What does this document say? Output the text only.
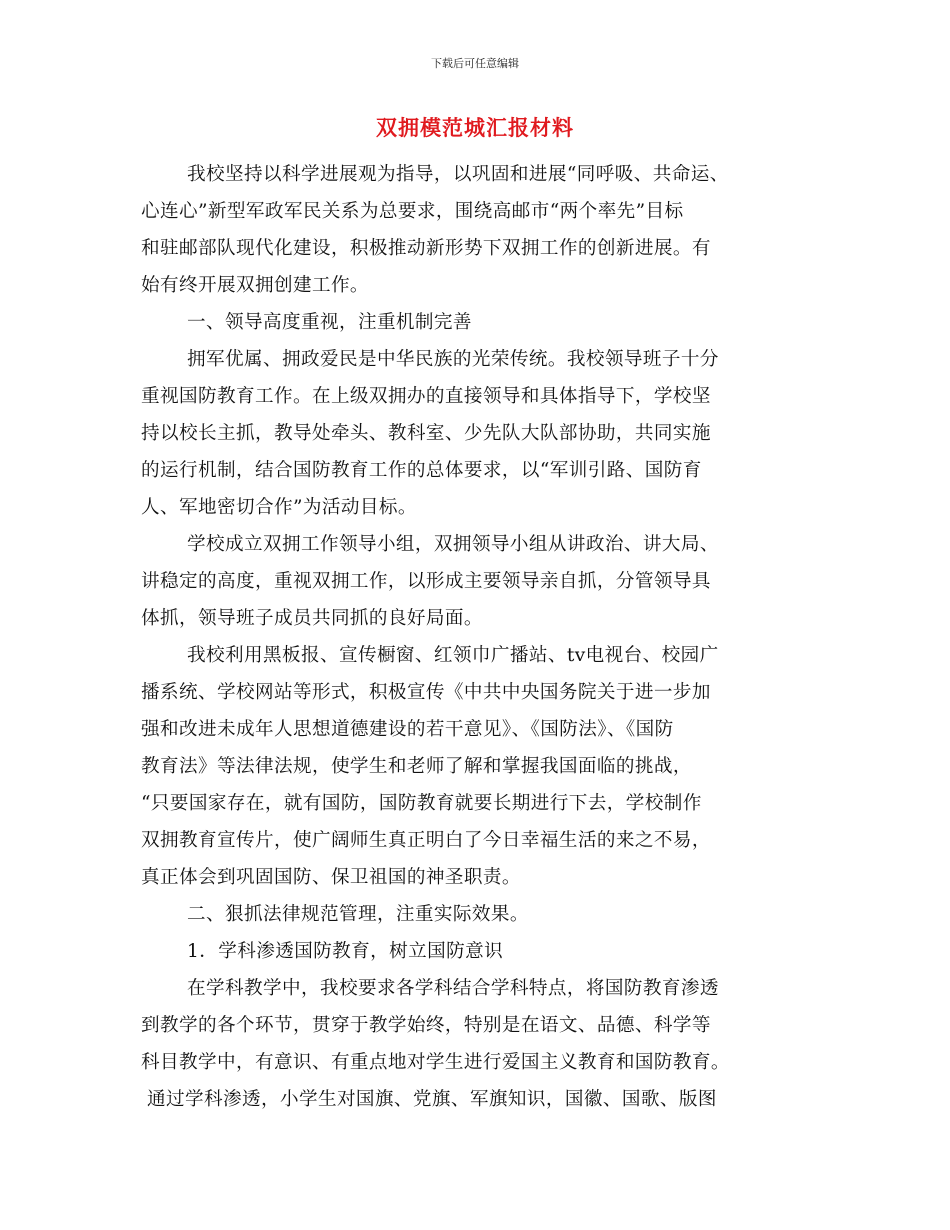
下载后可任意编辑
双拥模范城汇报材料
我校坚持以科学进展观为指导，以巩固和进展“同呼吸、共命运、
心连心”新型军政军民关系为总要求，围绕高邮市“两个率先”目标
和驻邮部队现代化建设，积极推动新形势下双拥工作的创新进展。有
始有终开展双拥创建工作。
一、领导高度重视，注重机制完善
拥军优属、拥政爱民是中华民族的光荣传统。我校领导班子十分
重视国防教育工作。在上级双拥办的直接领导和具体指导下，学校坚
持以校长主抓，教导处牵头、教科室、少先队大队部协助，共同实施
的运行机制，结合国防教育工作的总体要求，以“军训引路、国防育
人、军地密切合作”为活动目标。
学校成立双拥工作领导小组，双拥领导小组从讲政治、讲大局、
讲稳定的高度，重视双拥工作，以形成主要领导亲自抓，分管领导具
体抓，领导班子成员共同抓的良好局面。
我校利用黑板报、宣传橱窗、红领巾广播站、tv电视台、校园广
播系统、学校网站等形式，积极宣传《中共中央国务院关于进一步加
强和改进未成年人思想道德建设的若干意见》、《国防法》、《国防
教育法》等法律法规，使学生和老师了解和掌握我国面临的挑战，
“只要国家存在，就有国防，国防教育就要长期进行下去，学校制作
双拥教育宣传片，使广阔师生真正明白了今日幸福生活的来之不易，
真正体会到巩固国防、保卫祖国的神圣职责。
二、狠抓法律规范管理，注重实际效果。
1．学科渗透国防教育，树立国防意识
在学科教学中，我校要求各学科结合学科特点，将国防教育渗透
到教学的各个环节，贯穿于教学始终，特别是在语文、品德、科学等
科目教学中，有意识、有重点地对学生进行爱国主义教育和国防教育。
通过学科渗透，小学生对国旗、党旗、军旗知识，国徽、国歌、版图
